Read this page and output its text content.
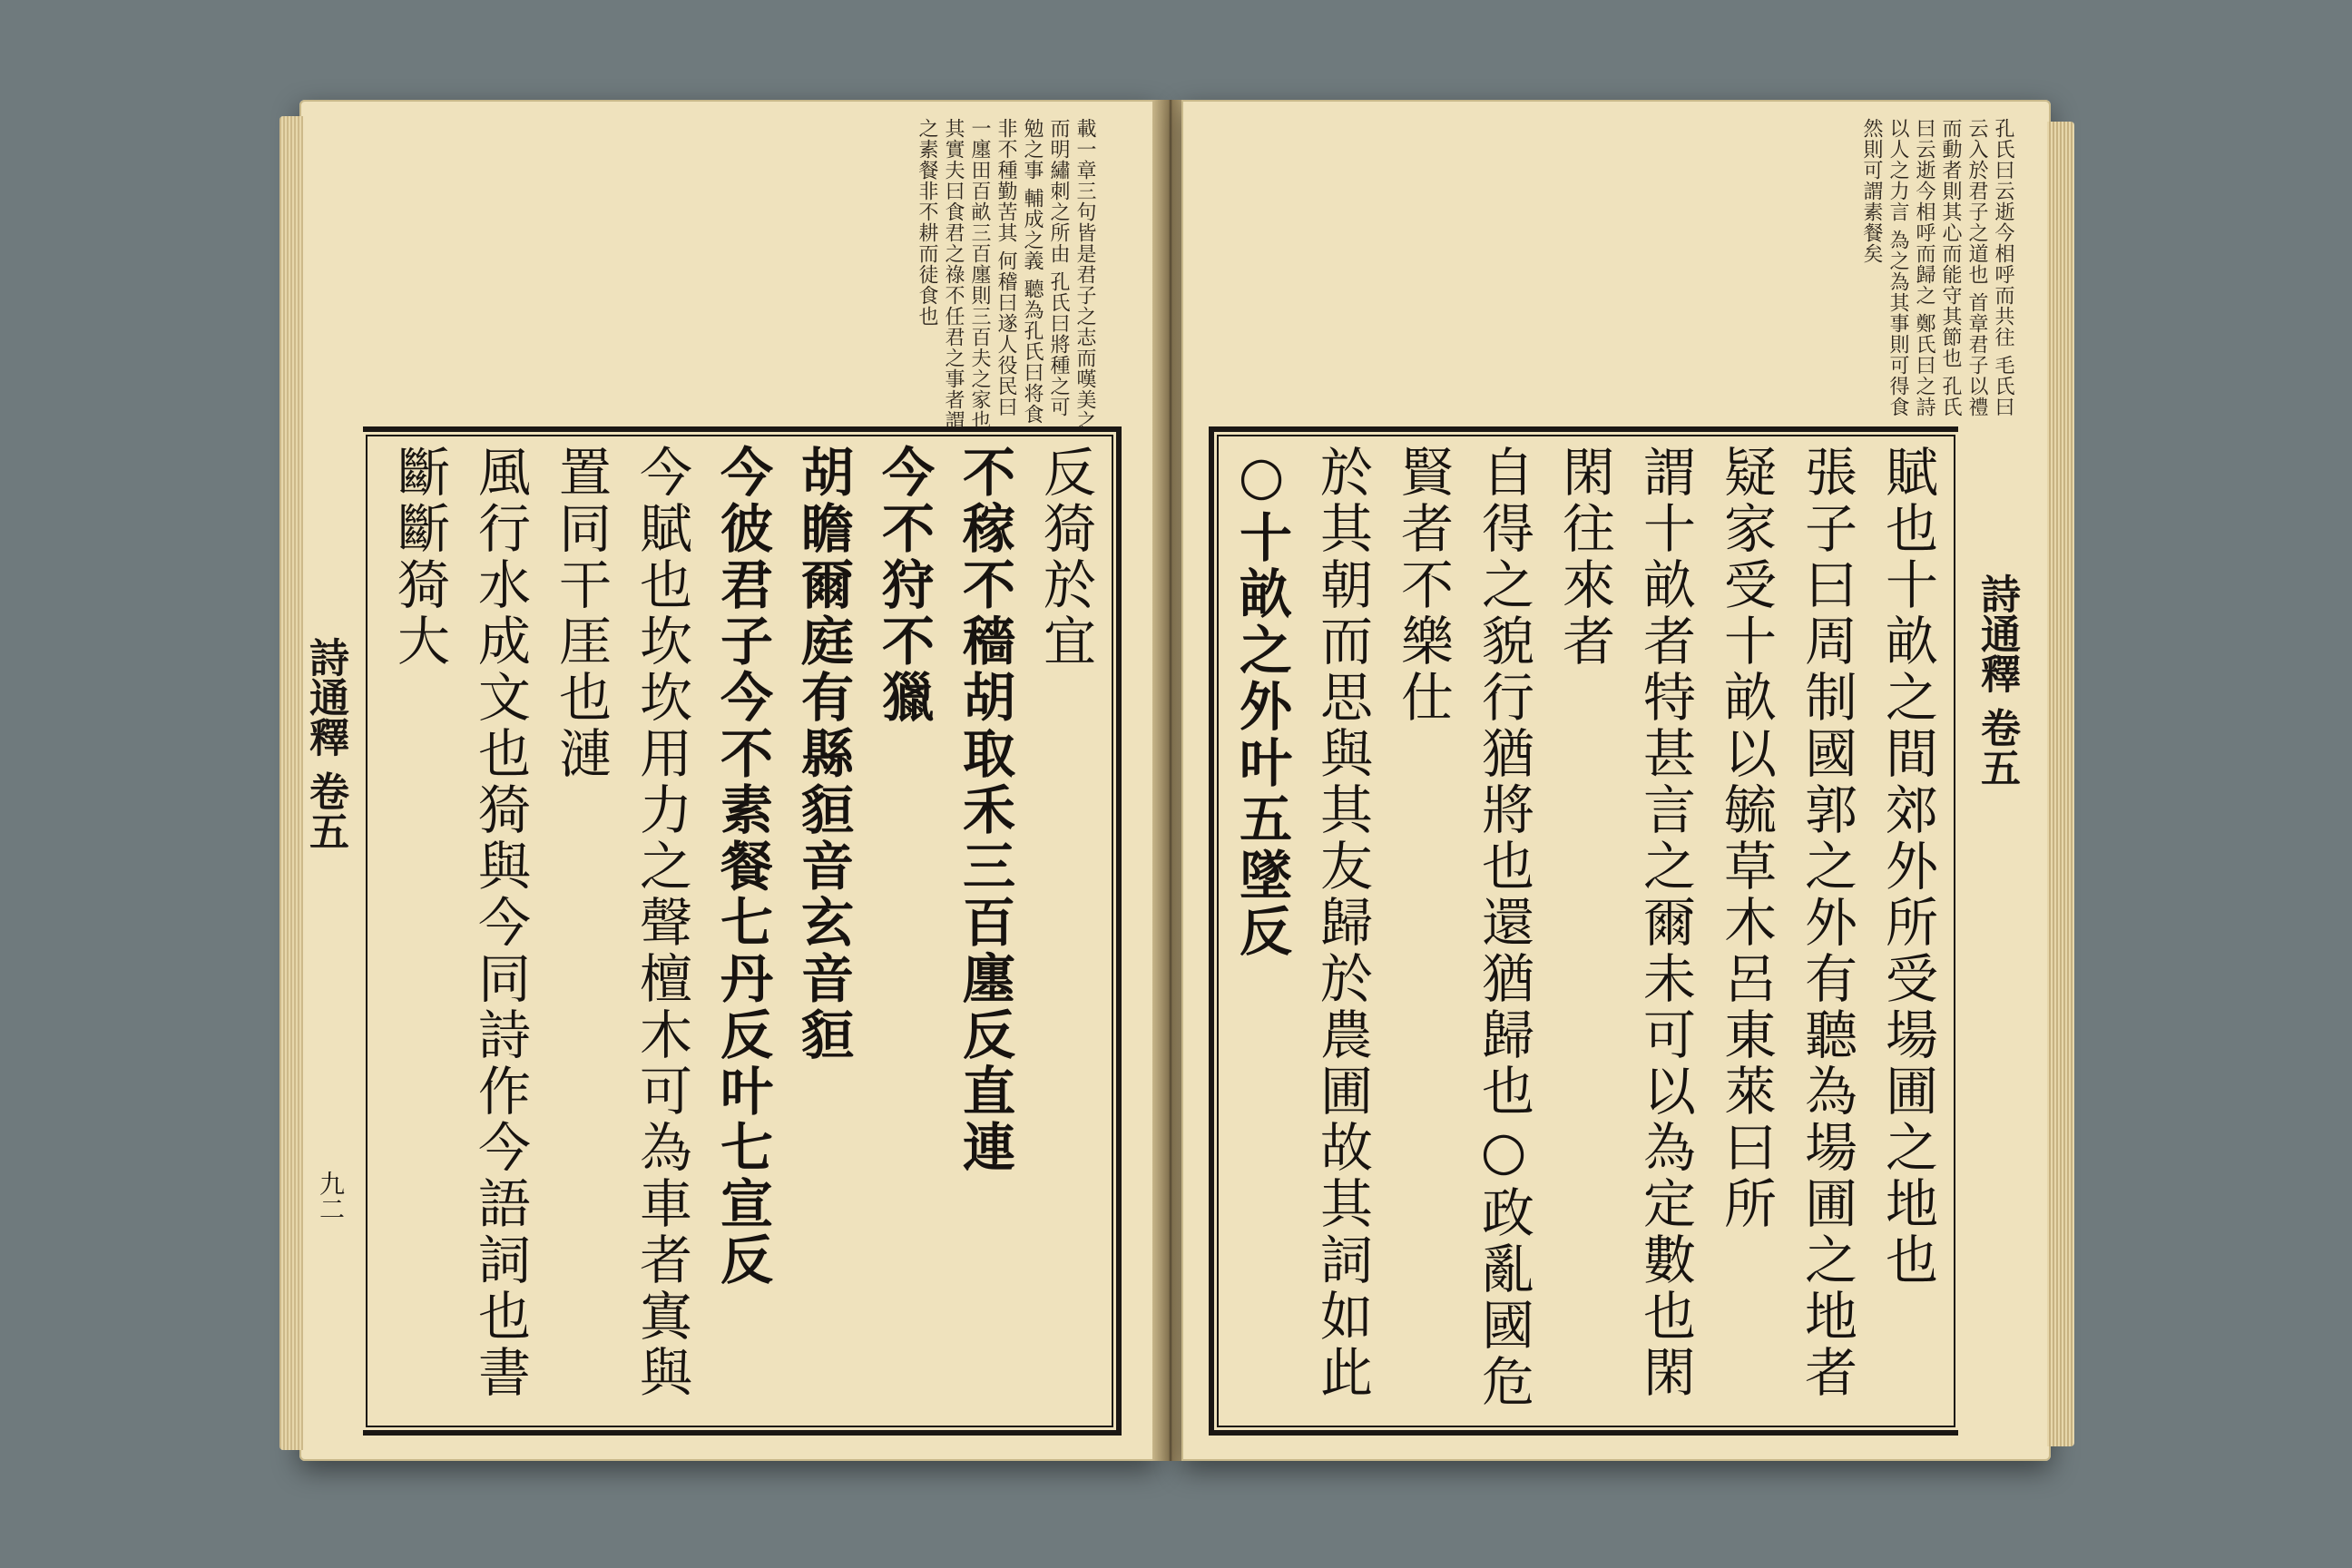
載一章三句皆是君子之志而嘆美之 而明繡刺之所由 孔氏曰將種之可勉之事 輔成之義 聽為孔氏曰将食非不種勤苦其 何稽曰遂人役民曰一廛田百畝三百廛則三百夫之家也 其實夫曰食君之祿不任君之事者謂之素餐非不耕而徒食也
反猗於宜
不稼不穡胡取禾三百廛反直連
今不狩不獵
胡瞻爾庭有縣貆音玄音貆
今彼君子今不素餐七丹反叶七宣反
今賦也坎坎用力之聲檀木可為車者寘與置同干厓也漣
風行水成文也猗與今同詩作今語詞也書斷斷猗大
詩通釋 卷五
九二
孔氏曰云逝今相呼而共往 毛氏曰云入於君子之道也 首章君子以禮而動者則其心而能守其節也 孔氏曰云逝今相呼而歸之 鄭氏曰之詩以人之力言 為之為其事則可得食然則可謂素餐矣
賦也十畝之間郊外所受場圃之地也
張子曰周制國郭之外有聽為場圃之地者疑家受十畝以毓草木呂東萊曰所
謂十畝者特甚言之爾未可以為定數也閑閑往來者
自得之貌行猶將也還猶歸也○政亂國危賢者不樂仕
於其朝而思與其友歸於農圃故其詞如此
○十畝之外叶五墜反	詩通釋 卷五
